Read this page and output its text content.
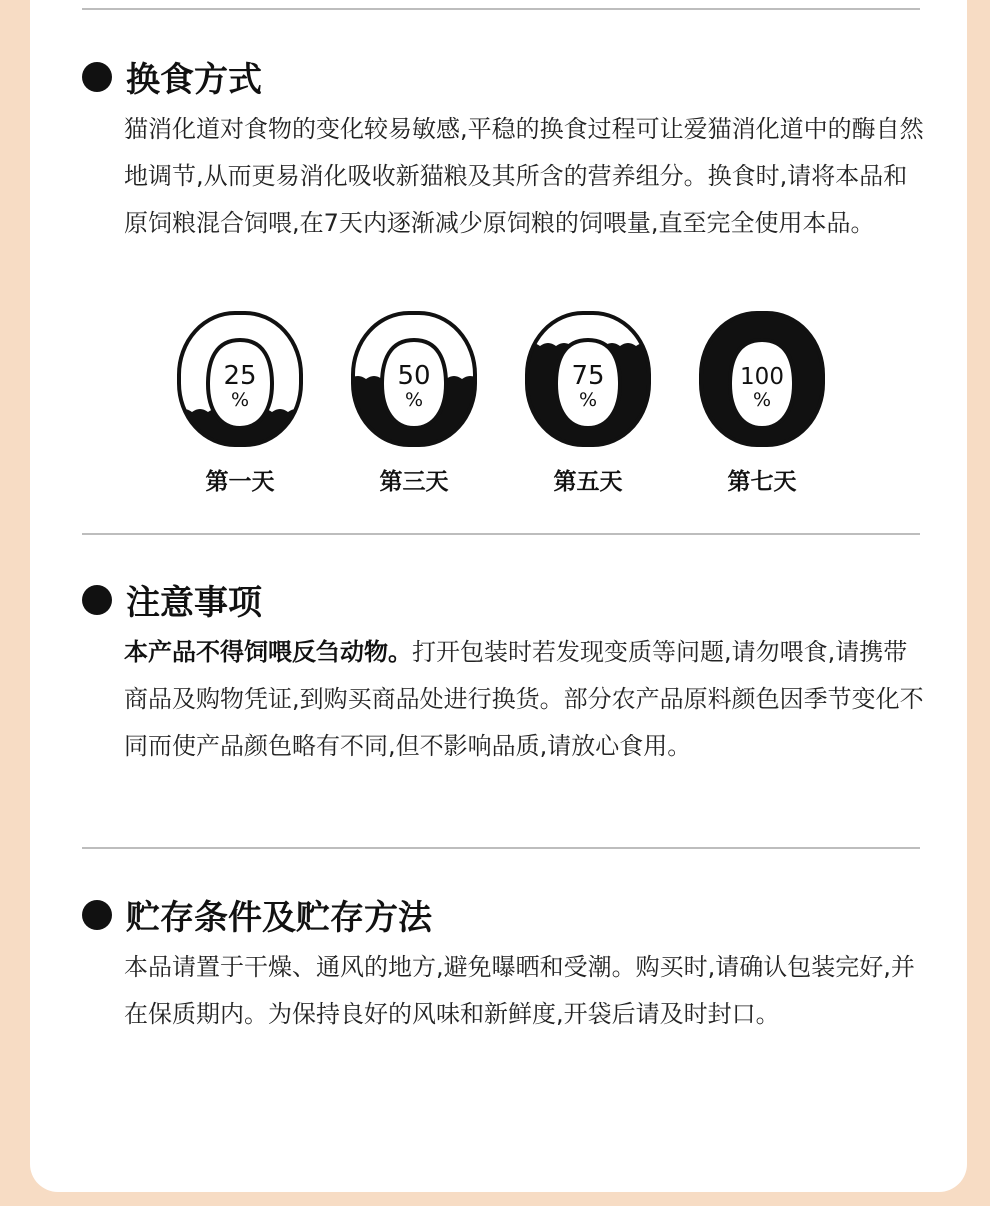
换食方式

猫消化道对食物的变化较易敏感,平稳的换食过程可让爱猫消化道中的酶自然地调节,从而更易消化吸收新猫粮及其所含的营养组分。换食时,请将本品和原饲粮混合饲喂,在7天内逐渐减少原饲粮的饲喂量,直至完全使用本品。

25
%
第一天
50
%
第三天
75
%
第五天
100
%
第七天
注意事项

本产品不得饲喂反刍动物。打开包装时若发现变质等问题,请勿喂食,请携带商品及购物凭证,到购买商品处进行换货。部分农产品原料颜色因季节变化不同而使产品颜色略有不同,但不影响品质,请放心食用。

贮存条件及贮存方法

本品请置于干燥、通风的地方,避免曝晒和受潮。购买时,请确认包装完好,并在保质期内。为保持良好的风味和新鲜度,开袋后请及时封口。
